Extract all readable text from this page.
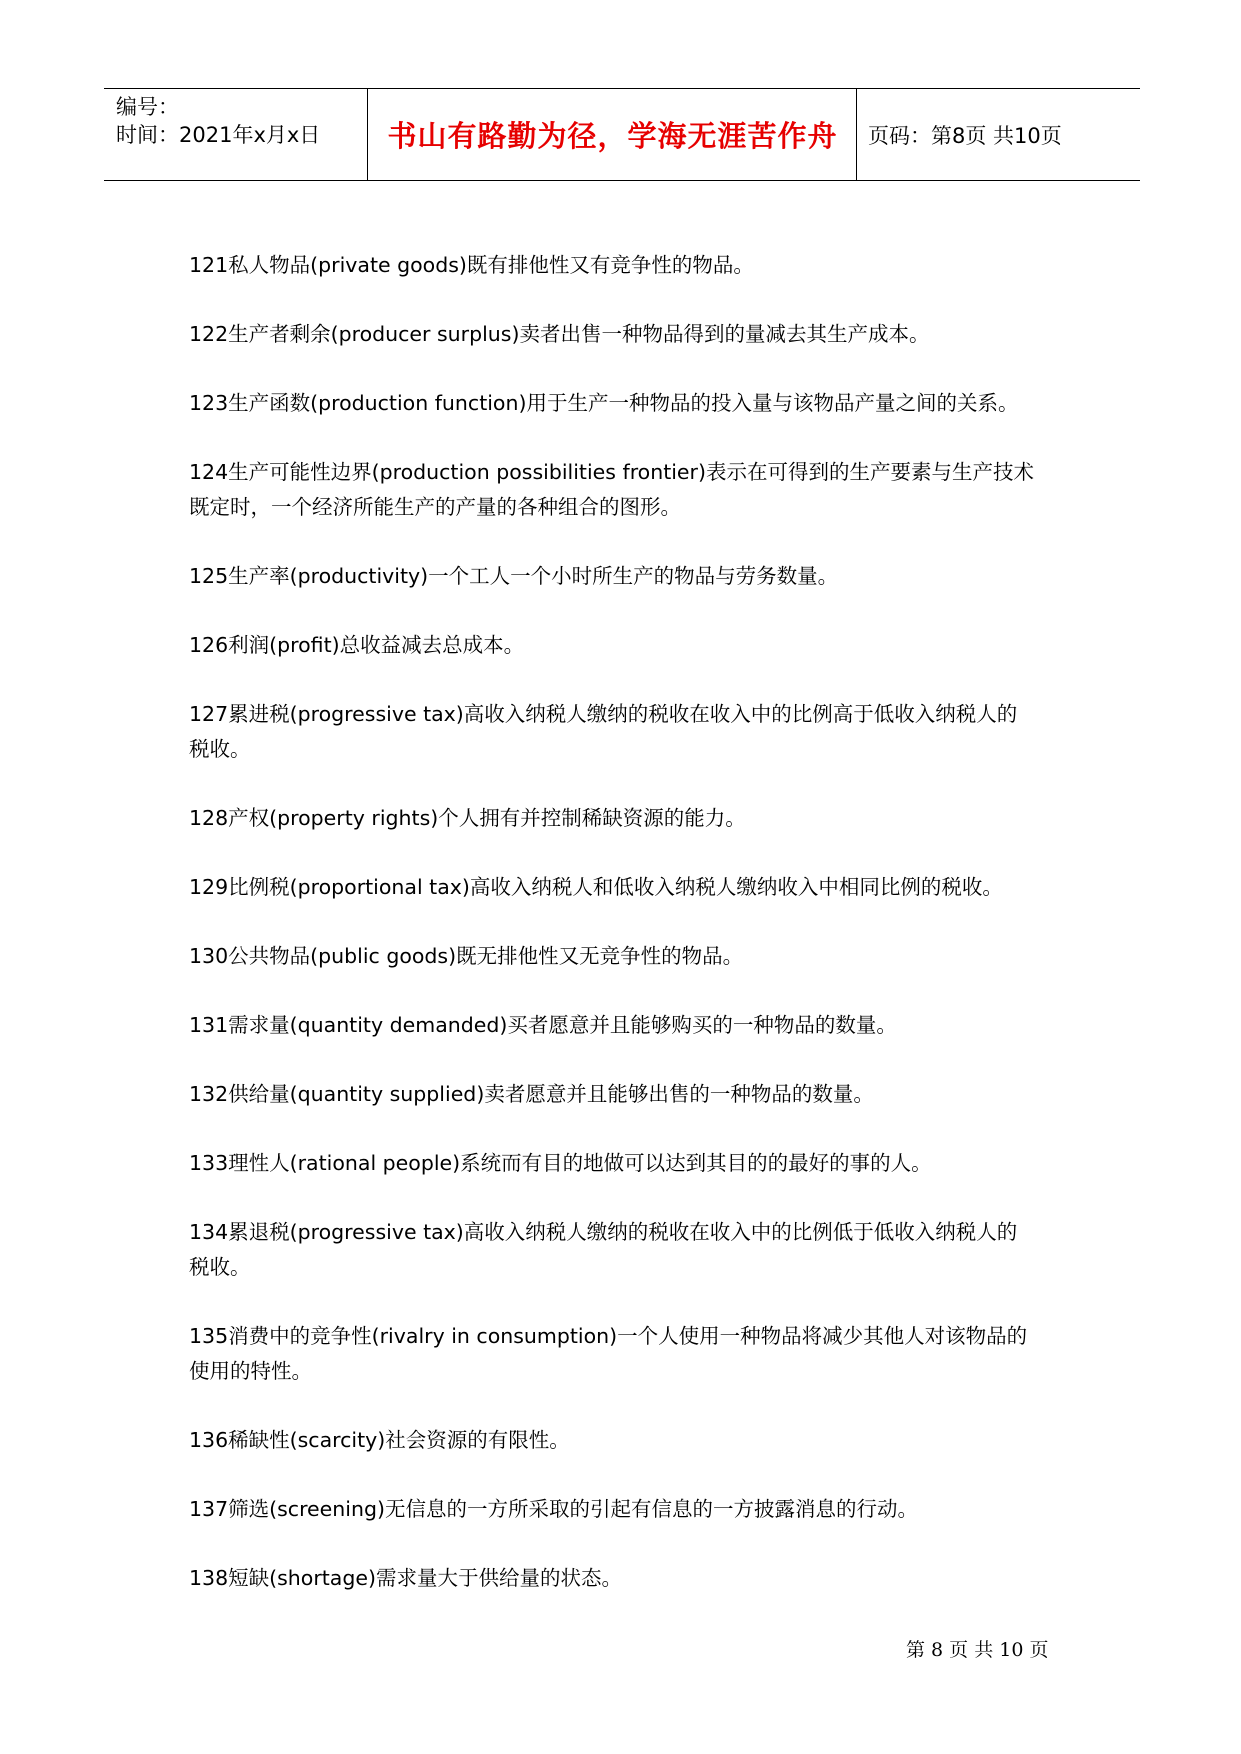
编号：
时间：2021年x月x日	书山有路勤为径，学海无涯苦作舟	页码：第8页 共10页

121私人物品(private goods)既有排他性又有竞争性的物品。

122生产者剩余(producer surplus)卖者出售一种物品得到的量减去其生产成本。

123生产函数(production function)用于生产一种物品的投入量与该物品产量之间的关系。

124生产可能性边界(production possibilities frontier)表示在可得到的生产要素与生产技术
既定时，一个经济所能生产的产量的各种组合的图形。

125生产率(productivity)一个工人一个小时所生产的物品与劳务数量。

126利润(profit)总收益减去总成本。

127累进税(progressive tax)高收入纳税人缴纳的税收在收入中的比例高于低收入纳税人的
税收。

128产权(property rights)个人拥有并控制稀缺资源的能力。

129比例税(proportional tax)高收入纳税人和低收入纳税人缴纳收入中相同比例的税收。

130公共物品(public goods)既无排他性又无竞争性的物品。

131需求量(quantity demanded)买者愿意并且能够购买的一种物品的数量。

132供给量(quantity supplied)卖者愿意并且能够出售的一种物品的数量。

133理性人(rational people)系统而有目的地做可以达到其目的的最好的事的人。

134累退税(progressive tax)高收入纳税人缴纳的税收在收入中的比例低于低收入纳税人的
税收。

135消费中的竞争性(rivalry in consumption)一个人使用一种物品将减少其他人对该物品的
使用的特性。

136稀缺性(scarcity)社会资源的有限性。

137筛选(screening)无信息的一方所采取的引起有信息的一方披露消息的行动。

138短缺(shortage)需求量大于供给量的状态。

第 8 页 共 10 页
